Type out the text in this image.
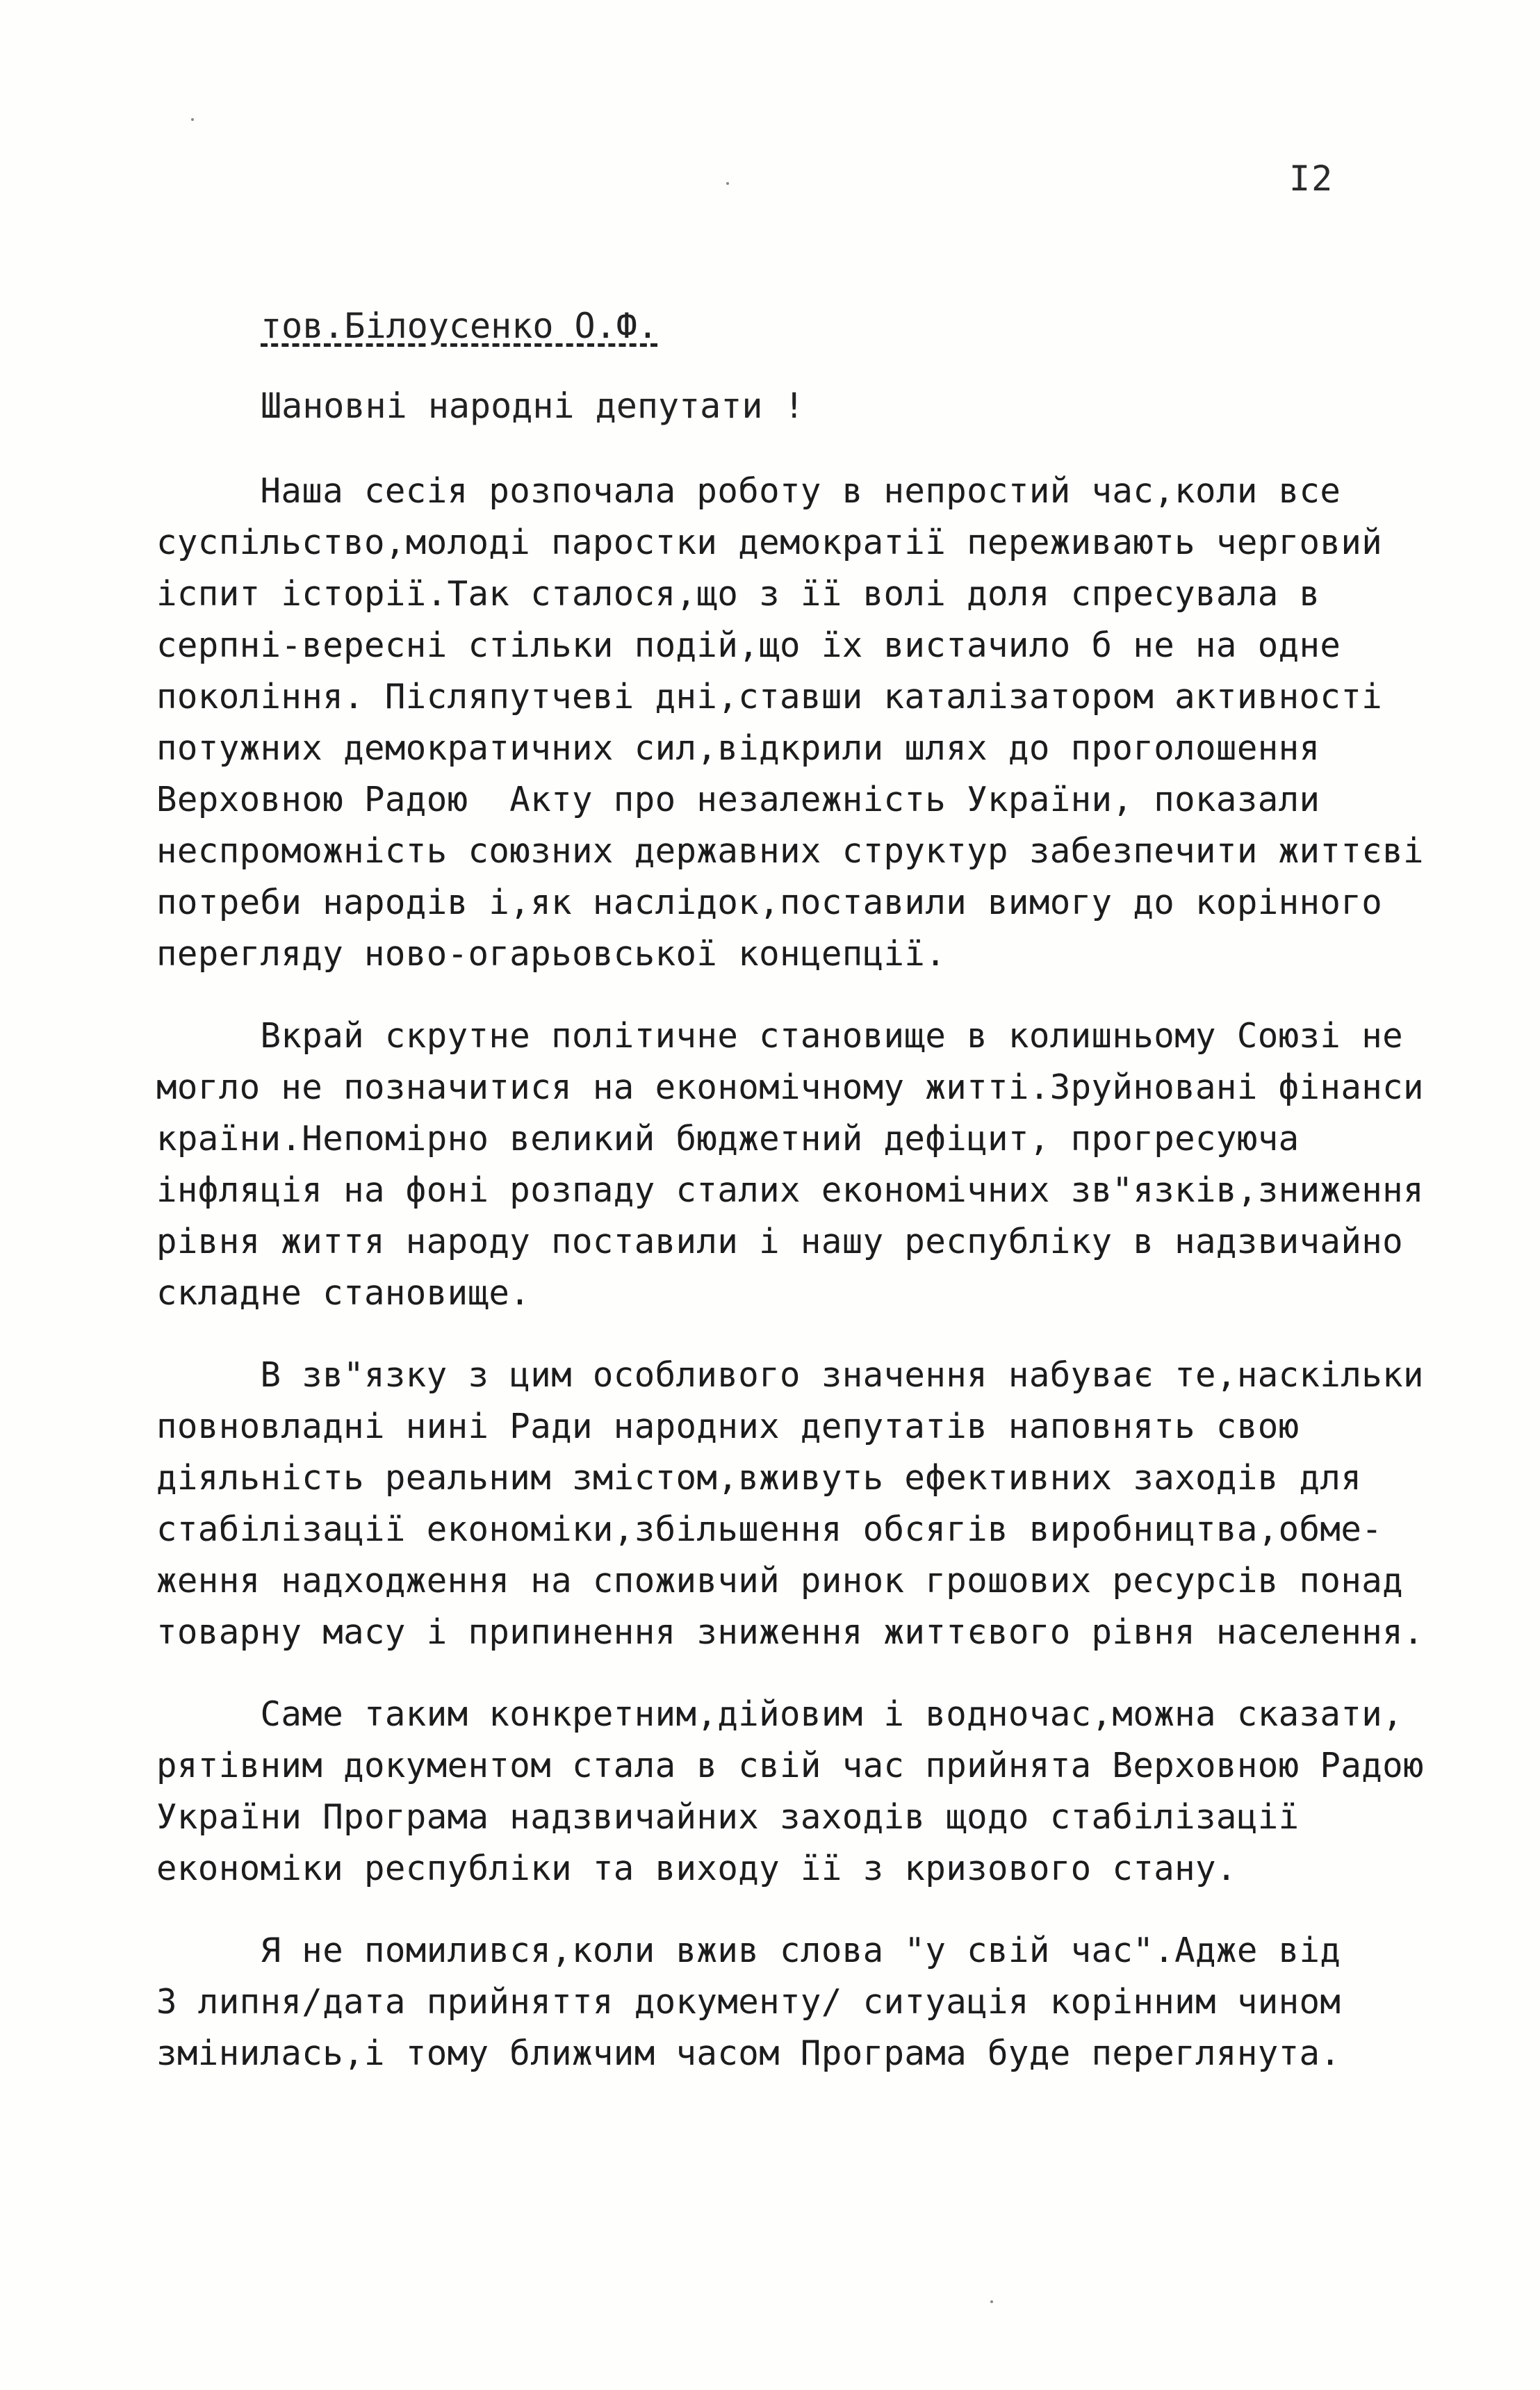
I2
тов.Білоусенко О.Ф.
Шановні народні депутати !
Наша сесія розпочала роботу в непростий час,коли все
суспільство,молоді паростки демократії переживають черговий
іспит історії.Так сталося,що з її волі доля спресувала в
серпні-вересні стільки подій,що їх вистачило б не на одне
покоління. Післяпутчеві дні,ставши каталізатором активності
потужних демократичних сил,відкрили шлях до проголошення
Верховною Радою  Акту про незалежність України, показали
неспроможність союзних державних структур забезпечити життєві
потреби народів і,як наслідок,поставили вимогу до корінного
перегляду ново-огарьовської концепції.
Вкрай скрутне політичне становище в колишньому Союзі не
могло не позначитися на економічному житті.Зруйновані фінанси
країни.Непомірно великий бюджетний дефіцит, прогресуюча
інфляція на фоні розпаду сталих економічних зв"язків,зниження
рівня життя народу поставили і нашу республіку в надзвичайно
складне становище.
В зв"язку з цим особливого значення набуває те,наскільки
повновладні нині Ради народних депутатів наповнять свою
діяльність реальним змістом,вживуть ефективних заходів для
стабілізації економіки,збільшення обсягів виробництва,обме-
ження надходження на споживчий ринок грошових ресурсів понад
товарну масу і припинення зниження життєвого рівня населення.
Саме таким конкретним,дійовим і водночас,можна сказати,
рятівним документом стала в свій час прийнята Верховною Радою
України Програма надзвичайних заходів щодо стабілізації
економіки республіки та виходу її з кризового стану.
Я не помилився,коли вжив слова "у свій час".Адже від
3 липня/дата прийняття документу/ ситуація корінним чином
змінилась,і тому ближчим часом Програма буде переглянута.
